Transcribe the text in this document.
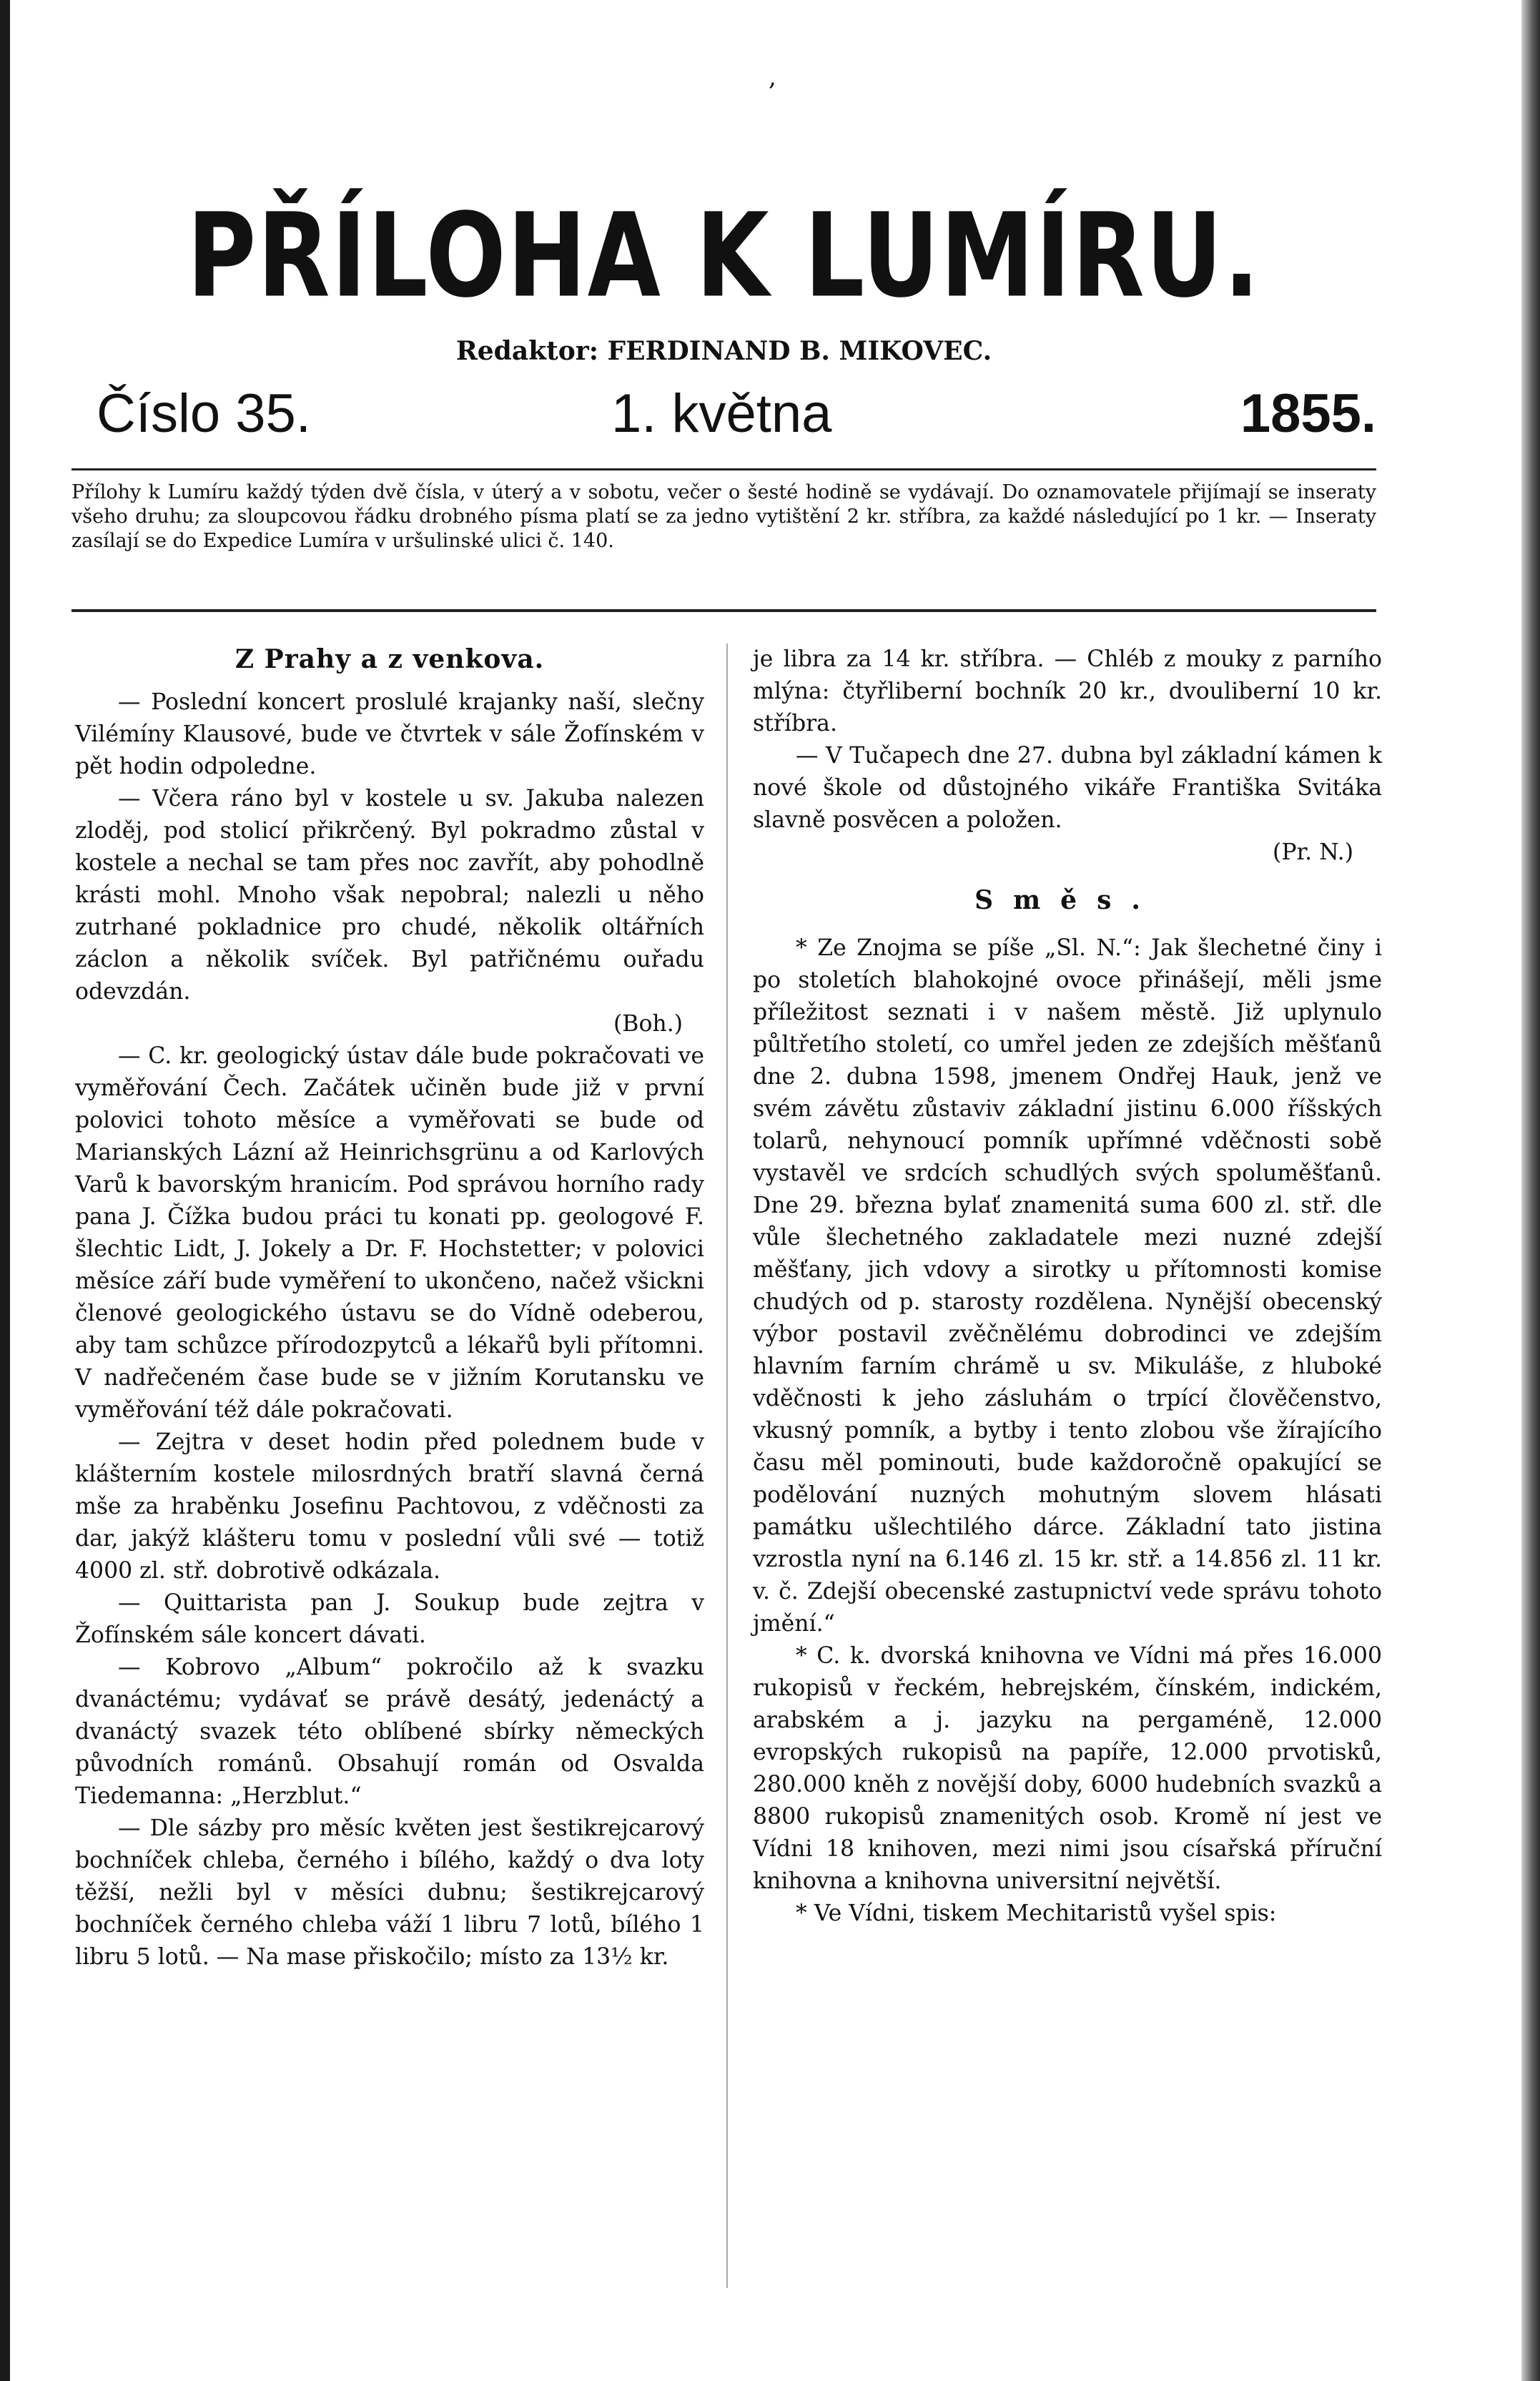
,
PŘÍLOHA K LUMÍRU.
Redaktor: FERDINAND B. MIKOVEC.
Číslo 35.	1. května	1855.
Přílohy k Lumíru každý týden dvě čísla, v úterý a v sobotu, večer o šesté hodině se vydávají. Do oznamovatele přijímají se inseraty všeho druhu; za sloupcovou řádku drobného písma platí se za jedno vytištění 2 kr. stříbra, za každé následující po 1 kr. — Inseraty zasílají se do Expedice Lumíra v uršulinské ulici č. 140.
Z Prahy a z venkova.

— Poslední koncert proslulé krajanky naší, slečny Vilémíny Klausové, bude ve čtvrtek v sále Žofínském v pět hodin odpoledne.

— Včera ráno byl v kostele u sv. Jakuba nalezen zloděj, pod stolicí přikrčený. Byl pokradmo zůstal v kostele a nechal se tam přes noc zavřít, aby pohodlně krásti mohl. Mnoho však nepobral; nalezli u něho zutrhané pokladnice pro chudé, několik oltářních záclon a několik svíček. Byl patřičnému ouřadu odevzdán.

(Boh.)

— C. kr. geologický ústav dále bude pokračovati ve vyměřování Čech. Začátek učiněn bude již v první polovici tohoto měsíce a vyměřovati se bude od Marianských Lázní až Heinrichsgrünu a od Karlových Varů k bavorským hranicím. Pod správou horního rady pana J. Čížka budou práci tu konati pp. geologové F. šlechtic Lidt, J. Jokely a Dr. F. Hochstetter; v polovici měsíce září bude vyměření to ukončeno, načež všickni členové geologického ústavu se do Vídně odeberou, aby tam schůzce přírodozpytců a lékařů byli přítomni. V nadřečeném čase bude se v jižním Korutansku ve vyměřování též dále pokračovati.

— Zejtra v deset hodin před polednem bude v klášterním kostele milosrdných bratří slavná černá mše za hraběnku Josefinu Pachtovou, z vděčnosti za dar, jakýž klášteru tomu v poslední vůli své — totiž 4000 zl. stř. dobrotivě odkázala.

— Quittarista pan J. Soukup bude zejtra v Žofínském sále koncert dávati.

— Kobrovo „Album“ pokročilo až k svazku dvanáctému; vydávať se právě desátý, jedenáctý a dvanáctý svazek této oblíbené sbírky německých původních románů. Obsahují román od Osvalda Tiedemanna: „Herzblut.“

— Dle sázby pro měsíc květen jest šestikrejcarový bochníček chleba, černého i bílého, každý o dva loty těžší, nežli byl v měsíci dubnu; šestikrejcarový bochníček černého chleba váží 1 libru 7 lotů, bílého 1 libru 5 lotů. — Na mase přiskočilo; místo za 13½ kr.

je libra za 14 kr. stříbra. — Chléb z mouky z parního mlýna: čtyřliberní bochník 20 kr., dvouliberní 10 kr. stříbra.

— V Tučapech dne 27. dubna byl základní kámen k nové škole od důstojného vikáře Františka Svitáka slavně posvěcen a položen.

(Pr. N.)

Směs.

* Ze Znojma se píše „Sl. N.“: Jak šlechetné činy i po stoletích blahokojné ovoce přinášejí, měli jsme příležitost seznati i v našem městě. Již uplynulo půltřetího století, co umřel jeden ze zdejších měšťanů dne 2. dubna 1598, jmenem Ondřej Hauk, jenž ve svém závětu zůstaviv základní jistinu 6.000 říšských tolarů, nehynoucí pomník upřímné vděčnosti sobě vystavěl ve srdcích schudlých svých spoluměšťanů. Dne 29. března bylať znamenitá suma 600 zl. stř. dle vůle šlechetného zakladatele mezi nuzné zdejší měšťany, jich vdovy a sirotky u přítomnosti komise chudých od p. starosty rozdělena. Nynější obecenský výbor postavil zvěčnělému dobrodinci ve zdejším hlavním farním chrámě u sv. Mikuláše, z hluboké vděčnosti k jeho zásluhám o trpící člověčenstvo, vkusný pomník, a bytby i tento zlobou vše žírajícího času měl pominouti, bude každoročně opakující se podělování nuzných mohutným slovem hlásati památku ušlechtilého dárce. Základní tato jistina vzrostla nyní na 6.146 zl. 15 kr. stř. a 14.856 zl. 11 kr. v. č. Zdejší obecenské zastupnictví vede správu tohoto jmění.“

* C. k. dvorská knihovna ve Vídni má přes 16.000 rukopisů v řeckém, hebrejském, čínském, indickém, arabském a j. jazyku na pergaméně, 12.000 evropských rukopisů na papíře, 12.000 prvotisků, 280.000 kněh z novější doby, 6000 hudebních svazků a 8800 rukopisů znamenitých osob. Kromě ní jest ve Vídni 18 knihoven, mezi nimi jsou císařská příruční knihovna a knihovna universitní největší.

* Ve Vídni, tiskem Mechitaristů vyšel spis:
